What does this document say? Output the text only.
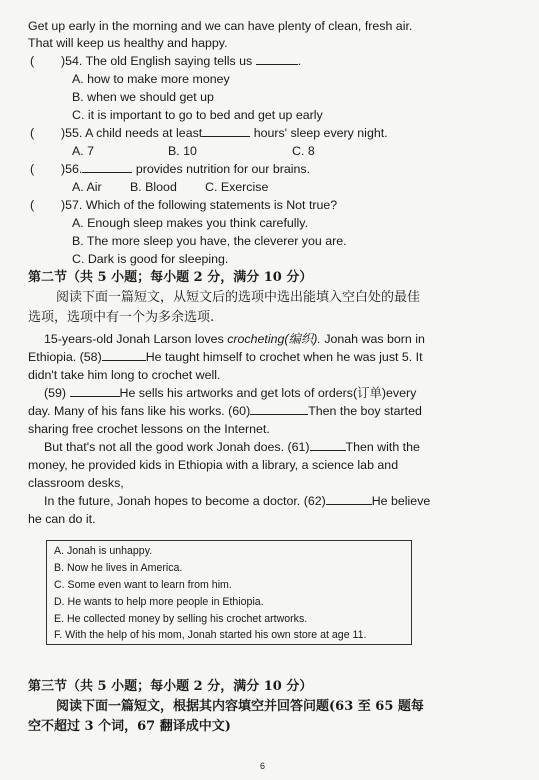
Get up early in the morning and we can have plenty of clean, fresh air.
That will keep us healthy and happy.
( )54. The old English saying tells us	.
A. how to make more money
B. when we should get up
C. it is important to go to bed and get up early
( )55. A child needs at least	hours' sleep every night.
A. 7	B. 10	C. 8
( )56.	provides nutrition for our brains.
A. Air B. Blood C. Exercise
( )57. Which of the following statements is Not true?
A. Enough sleep makes you think carefully.
B. The more sleep you have, the cleverer you are.
C. Dark is good for sleeping.
第二节（共 5 小题；每小题 2 分，满分 10 分）
阅读下面一篇短文，从短文后的选项中选出能填入空白处的最佳
选项，选项中有一个为多余选项.
15-years-old Jonah Larson loves crocheting(编织). Jonah was born in
Ethiopia. (58)	He taught himself to crochet when he was just 5. It
didn't take him long to crochet well.
(59)	He sells his artworks and get lots of orders(订单)every
day. Many of his fans like his works. (60)	Then the boy started
sharing free crochet lessons on the Internet.
But that's not all the good work Jonah does. (61)	Then with the
money, he provided kids in Ethiopia with a library, a science lab and
classroom desks,
In the future, Jonah hopes to become a doctor. (62)	He believe
he can do it.
A. Jonah is unhappy.
B. Now he lives in America.
C. Some even want to learn from him.
D. He wants to help more people in Ethiopia.
E. He collected money by selling his crochet artworks.
F. With the help of his mom, Jonah started his own store at age 11.
第三节（共 5 小题；每小题 2 分，满分 10 分）
阅读下面一篇短文，根据其内容填空并回答问题(63 至 65 题每
空不超过 3 个词，67 翻译成中文)
6
